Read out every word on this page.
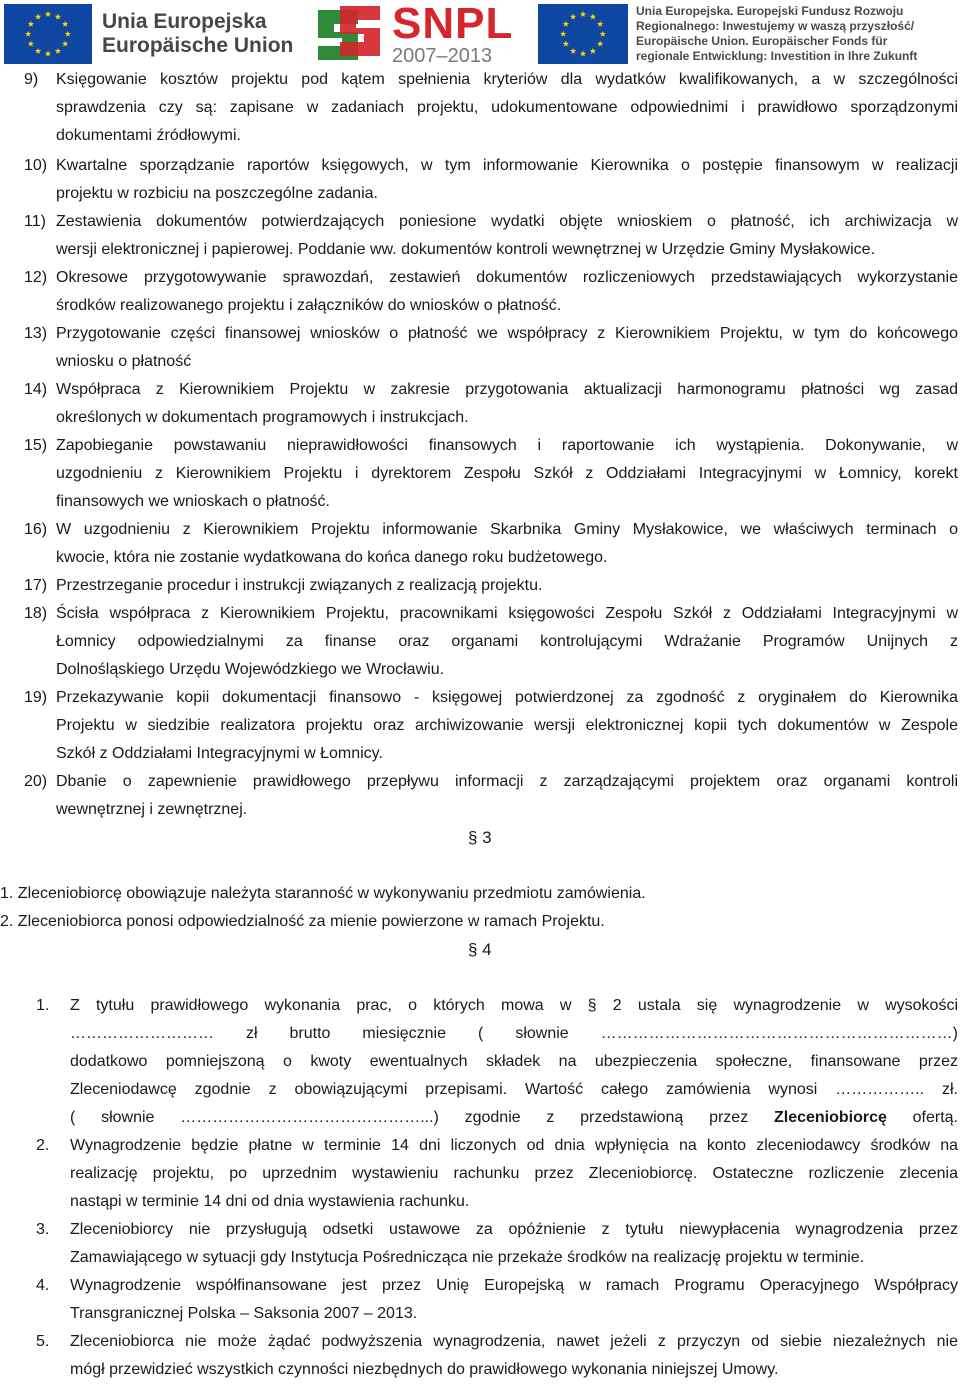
Unia Europejska
Europäische Union SNPL
2007–2013
Unia Europejska. Europejski Fundusz Rozwoju
Regionalnego: Inwestujemy w waszą przyszłość/
Europäische Union. Europäischer Fonds für
regionale Entwicklung: Investition in Ihre Zukunft
9) Księgowanie kosztów projektu pod kątem spełnienia kryteriów dla wydatków kwalifikowanych, a w szczególności
sprawdzenia czy są: zapisane w zadaniach projektu, udokumentowane odpowiednimi i prawidłowo sporządzonymi
dokumentami źródłowymi.
10) Kwartalne sporządzanie raportów księgowych, w tym informowanie Kierownika o postępie finansowym w realizacji
projektu w rozbiciu na poszczególne zadania.
11) Zestawienia dokumentów potwierdzających poniesione wydatki objęte wnioskiem o płatność, ich archiwizacja w
wersji elektronicznej i papierowej. Poddanie ww. dokumentów kontroli wewnętrznej w Urzędzie Gminy Mysłakowice.
12) Okresowe przygotowywanie sprawozdań, zestawień dokumentów rozliczeniowych przedstawiających wykorzystanie
środków realizowanego projektu i załączników do wniosków o płatność.
13) Przygotowanie części finansowej wniosków o płatność we współpracy z Kierownikiem Projektu, w tym do końcowego
wniosku o płatność
14) Współpraca z Kierownikiem Projektu w zakresie przygotowania aktualizacji harmonogramu płatności wg zasad
określonych w dokumentach programowych i instrukcjach.
15) Zapobieganie powstawaniu nieprawidłowości finansowych i raportowanie ich wystąpienia. Dokonywanie, w
uzgodnieniu z Kierownikiem Projektu i dyrektorem Zespołu Szkół z Oddziałami Integracyjnymi w Łomnicy, korekt
finansowych we wnioskach o płatność.
16) W uzgodnieniu z Kierownikiem Projektu informowanie Skarbnika Gminy Mysłakowice, we właściwych terminach o
kwocie, która nie zostanie wydatkowana do końca danego roku budżetowego.
17) Przestrzeganie procedur i instrukcji związanych z realizacją projektu.
18) Ścisła współpraca z Kierownikiem Projektu, pracownikami księgowości Zespołu Szkół z Oddziałami Integracyjnymi w
Łomnicy odpowiedzialnymi za finanse oraz organami kontrolującymi Wdrażanie Programów Unijnych z
Dolnośląskiego Urzędu Wojewódzkiego we Wrocławiu.
19) Przekazywanie kopii dokumentacji finansowo - księgowej potwierdzonej za zgodność z oryginałem do Kierownika
Projektu w siedzibie realizatora projektu oraz archiwizowanie wersji elektronicznej kopii tych dokumentów w Zespole
Szkół z Oddziałami Integracyjnymi w Łomnicy.
20) Dbanie o zapewnienie prawidłowego przepływu informacji z zarządzającymi projektem oraz organami kontroli
wewnętrznej i zewnętrznej.
§ 3
1. Zleceniobiorcę obowiązuje należyta staranność w wykonywaniu przedmiotu zamówienia.
2. Zleceniobiorca ponosi odpowiedzialność za mienie powierzone w ramach Projektu.
§ 4
1. Z tytułu prawidłowego wykonania prac, o których mowa w § 2 ustala się wynagrodzenie w wysokości
……………………… zł brutto miesięcznie ( słownie …………………………………………………………)
dodatkowo pomniejszoną o kwoty ewentualnych składek na ubezpieczenia społeczne, finansowane przez
Zleceniodawcę zgodnie z obowiązującymi przepisami. Wartość całego zamówienia wynosi …………….. zł.
( słownie ………………………………………...) zgodnie z przedstawioną przez Zleceniobiorcę ofertą.
2. Wynagrodzenie będzie płatne w terminie 14 dni liczonych od dnia wpłynięcia na konto zleceniodawcy środków na
realizację projektu, po uprzednim wystawieniu rachunku przez Zleceniobiorcę. Ostateczne rozliczenie zlecenia
nastąpi w terminie 14 dni od dnia wystawienia rachunku.
3. Zleceniobiorcy nie przysługują odsetki ustawowe za opóźnienie z tytułu niewypłacenia wynagrodzenia przez
Zamawiającego w sytuacji gdy Instytucja Pośrednicząca nie przekaże środków na realizację projektu w terminie.
4. Wynagrodzenie współfinansowane jest przez Unię Europejską w ramach Programu Operacyjnego Współpracy
Transgranicznej Polska – Saksonia 2007 – 2013.
5. Zleceniobiorca nie może żądać podwyższenia wynagrodzenia, nawet jeżeli z przyczyn od siebie niezależnych nie
mógł przewidzieć wszystkich czynności niezbędnych do prawidłowego wykonania niniejszej Umowy.
